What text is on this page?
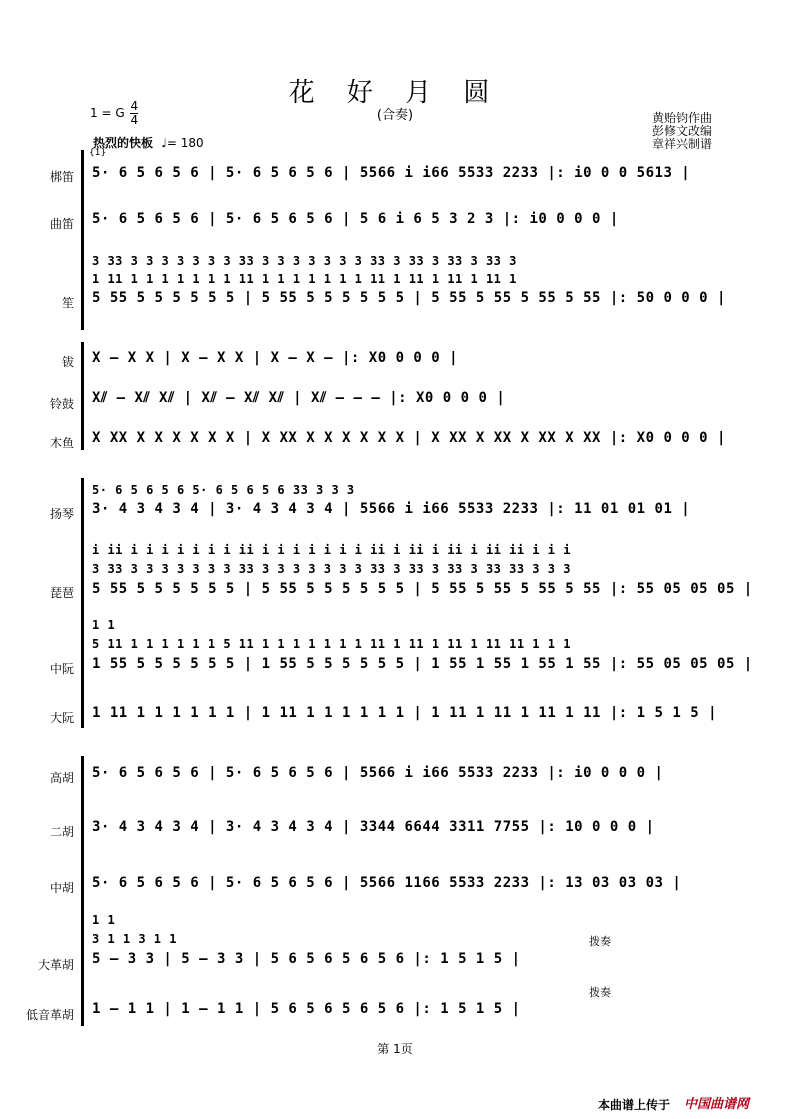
花 好 月 圆
(合奏)	黄贻钧作曲
彭修文改编
章祥兴制谱
1 = G $\frac{4}{4}$
热烈的快板 ♩= 180
{1}
梆笛 5· 6 5 6 5 6 | 5· 6 5 6 5 6 | 5566 i i66 5533 2233 |: i0 0 0 5613 |
曲笛 5· 6 5 6 5 6 | 5· 6 5 6 5 6 | 5 6 i 6 5 3 2 3 |: i0 0 0 0 |
3 33 3 3 3 3 3 3 3 33 3 3 3 3 3 3 3 33 3 33 3 33 3 33 3
1 11 1 1 1 1 1 1 1 11 1 1 1 1 1 1 1 11 1 11 1 11 1 11 1
笙 5 55 5 5 5 5 5 5 | 5 55 5 5 5 5 5 5 | 5 55 5 55 5 55 5 55 |: 50 0 0 0 |
钹 X – X X | X – X X | X – X – |: X0 0 0 0 |
铃鼓 X⫽ – X⫽ X⫽ | X⫽ – X⫽ X⫽ | X⫽ – – – |: X0 0 0 0 |
木鱼 X XX X X X X X X | X XX X X X X X X | X XX X XX X XX X XX |: X0 0 0 0 |
5· 6 5 6 5 6 5· 6 5 6 5 6 33 3 3 3
扬琴 3· 4 3 4 3 4 | 3· 4 3 4 3 4 | 5566 i i66 5533 2233 |: 11 01 01 01 |
i ii i i i i i i i ii i i i i i i i ii i ii i ii i ii ii i i i
3 33 3 3 3 3 3 3 3 33 3 3 3 3 3 3 3 33 3 33 3 33 3 33 33 3 3 3
琵琶 5 55 5 5 5 5 5 5 | 5 55 5 5 5 5 5 5 | 5 55 5 55 5 55 5 55 |: 55 05 05 05 |
1 1
5 11 1 1 1 1 1 1 5 11 1 1 1 1 1 1 1 11 1 11 1 11 1 11 11 1 1 1
中阮 1 55 5 5 5 5 5 5 | 1 55 5 5 5 5 5 5 | 1 55 1 55 1 55 1 55 |: 55 05 05 05 |
大阮 1 11 1 1 1 1 1 1 | 1 11 1 1 1 1 1 1 | 1 11 1 11 1 11 1 11 |: 1 5 1 5 |
高胡 5· 6 5 6 5 6 | 5· 6 5 6 5 6 | 5566 i i66 5533 2233 |: i0 0 0 0 |
二胡 3· 4 3 4 3 4 | 3· 4 3 4 3 4 | 3344 6644 3311 7755 |: 10 0 0 0 |
中胡 5· 6 5 6 5 6 | 5· 6 5 6 5 6 | 5566 1166 5533 2233 |: 13 03 03 03 |
1 1
3 1 1 3 1 1	拨奏
大革胡 5 – 3 3 | 5 – 3 3 | 5 6 5 6 5 6 5 6 |: 1 5 1 5 |
拨奏
低音革胡 1 – 1 1 | 1 – 1 1 | 5 6 5 6 5 6 5 6 |: 1 5 1 5 |
第 1页
本曲谱上传于 中国曲谱网
